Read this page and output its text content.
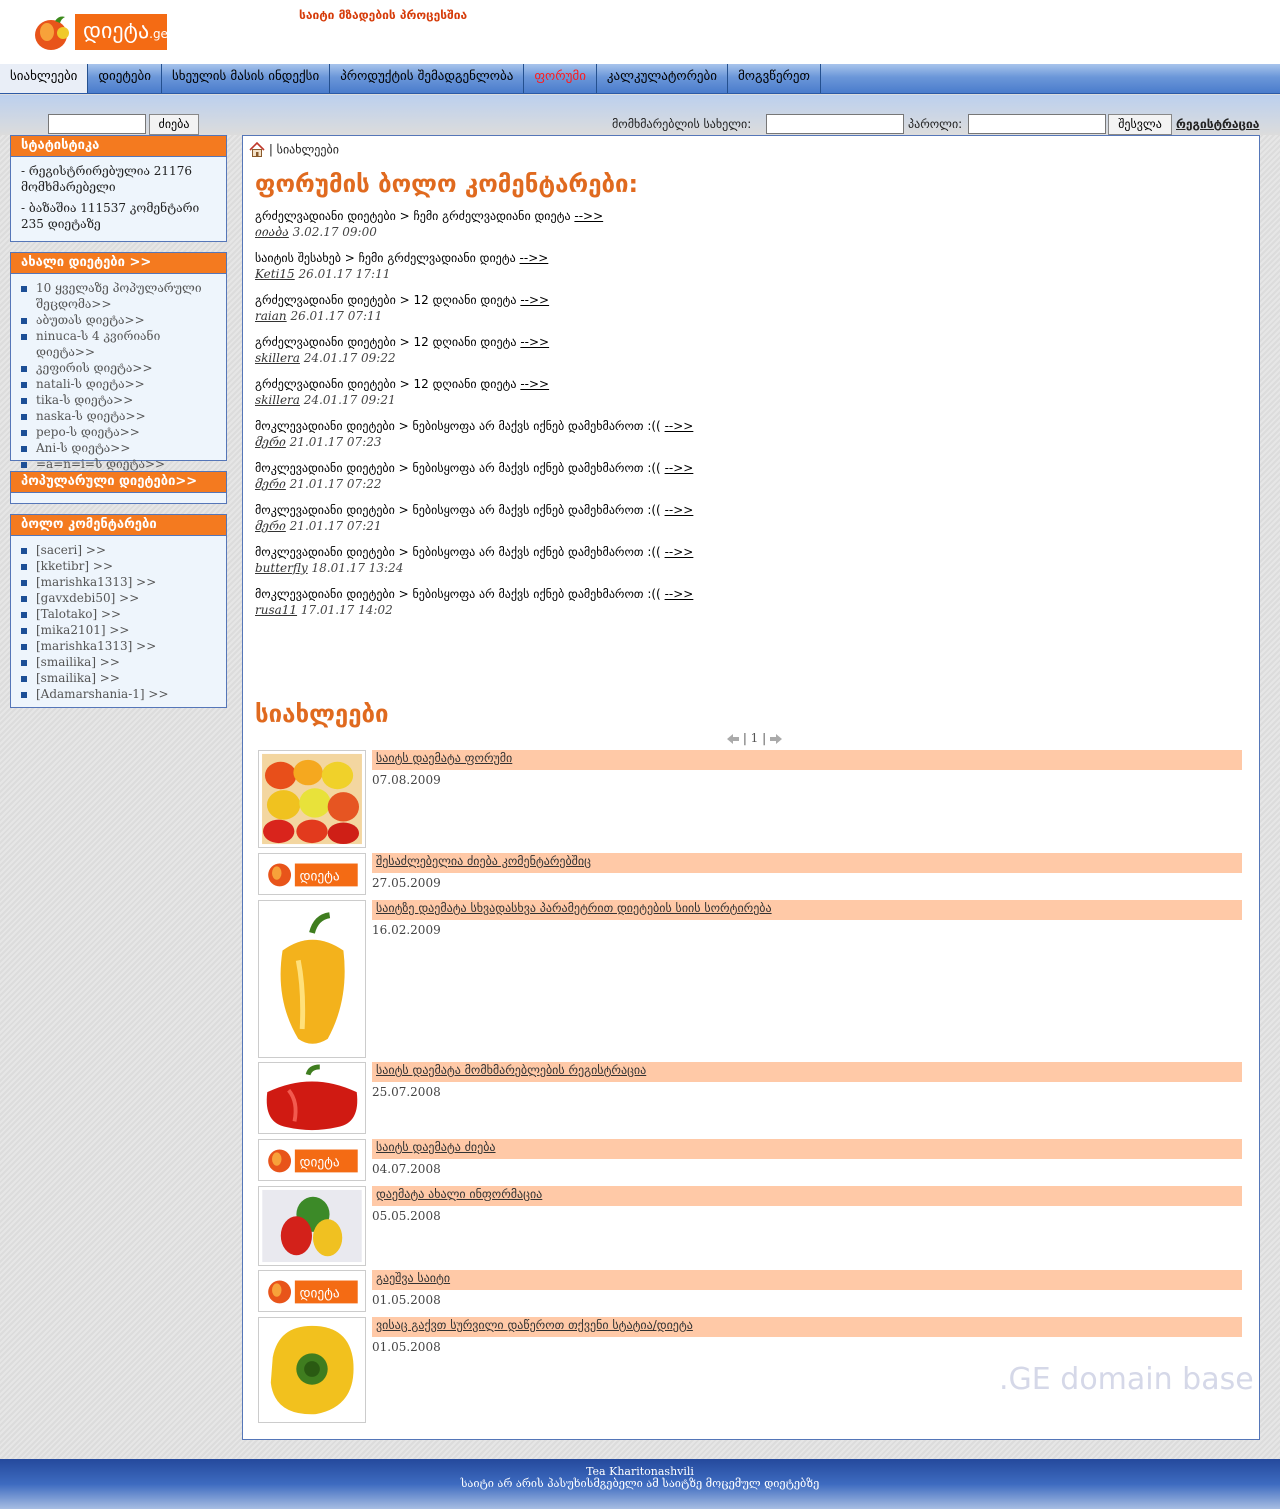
დიეტა.ge
საიტი მზადების პროცესშია
სიახლეები	დიეტები	სხეულის მასის ინდექსი	პროდუქტის შემადგენლობა	ფორუმი	კალკულატორები	მოგვწერეთ
ძიება	მომხმარებლის სახელი:	პაროლი:	შესვლა	რეგისტრაცია
სტატისტიკა
- რეგისტრირებულია 21176 მომხმარებელი
- ბაზაშია 111537 კომენტარი 235 დიეტაზე
ახალი დიეტები >>
10 ყველაზე პოპულარული შეცდომა>>
აბუთას დიეტა>>
ninuca-ს 4 კვირიანი დიეტა>>
კეფირის დიეტა>>
natali-ს დიეტა>>
tika-ს დიეტა>>
naska-ს დიეტა>>
pepo-ს დიეტა>>
Ani-ს დიეტა>>
=a=n=i=ს დიეტა>>
პოპულარული დიეტები>>
ბოლო კომენტარები
[saceri] >>
[kketibr] >>
[marishka1313] >>
[gavxdebi50] >>
[Talotako] >>
[mika2101] >>
[marishka1313] >>
[smailika] >>
[smailika] >>
[Adamarshania-1] >>
| სიახლეები
ფორუმის ბოლო კომენტარები:
გრძელვადიანი დიეტები > ჩემი გრძელვადიანი დიეტა -->>
იიაბა 3.02.17 09:00
საიტის შესახებ > ჩემი გრძელვადიანი დიეტა -->>
Keti15 26.01.17 17:11
გრძელვადიანი დიეტები > 12 დღიანი დიეტა -->>
raian 26.01.17 07:11
გრძელვადიანი დიეტები > 12 დღიანი დიეტა -->>
skillera 24.01.17 09:22
გრძელვადიანი დიეტები > 12 დღიანი დიეტა -->>
skillera 24.01.17 09:21
მოკლევადიანი დიეტები > ნებისყოფა არ მაქვს იქნებ დამეხმაროთ :(( -->>
მერი 21.01.17 07:23
მოკლევადიანი დიეტები > ნებისყოფა არ მაქვს იქნებ დამეხმაროთ :(( -->>
მერი 21.01.17 07:22
მოკლევადიანი დიეტები > ნებისყოფა არ მაქვს იქნებ დამეხმაროთ :(( -->>
მერი 21.01.17 07:21
მოკლევადიანი დიეტები > ნებისყოფა არ მაქვს იქნებ დამეხმაროთ :(( -->>
butterfly 18.01.17 13:24
მოკლევადიანი დიეტები > ნებისყოფა არ მაქვს იქნებ დამეხმაროთ :(( -->>
rusa11 17.01.17 14:02
სიახლეები
| 1 |
საიტს დაემატა ფორუმი
07.08.2009
დიეტა
შესაძლებელია ძიება კომენტარებშიც
27.05.2009
საიტზე დაემატა სხვადასხვა პარამეტრით დიეტების სიის სორტირება
16.02.2009
საიტს დაემატა მომხმარებლების რეგისტრაცია
25.07.2008
დიეტა
საიტს დაემატა ძიება
04.07.2008
დაემატა ახალი ინფორმაცია
05.05.2008
დიეტა
გაეშვა საიტი
01.05.2008
ვისაც გაქვთ სურვილი დაწეროთ თქვენი სტატია/დიეტა
01.05.2008
.GE domain base
Tea Kharitonashvili
საიტი არ არის პასუხისმგებელი ამ საიტზე მოცემულ დიეტებზე
